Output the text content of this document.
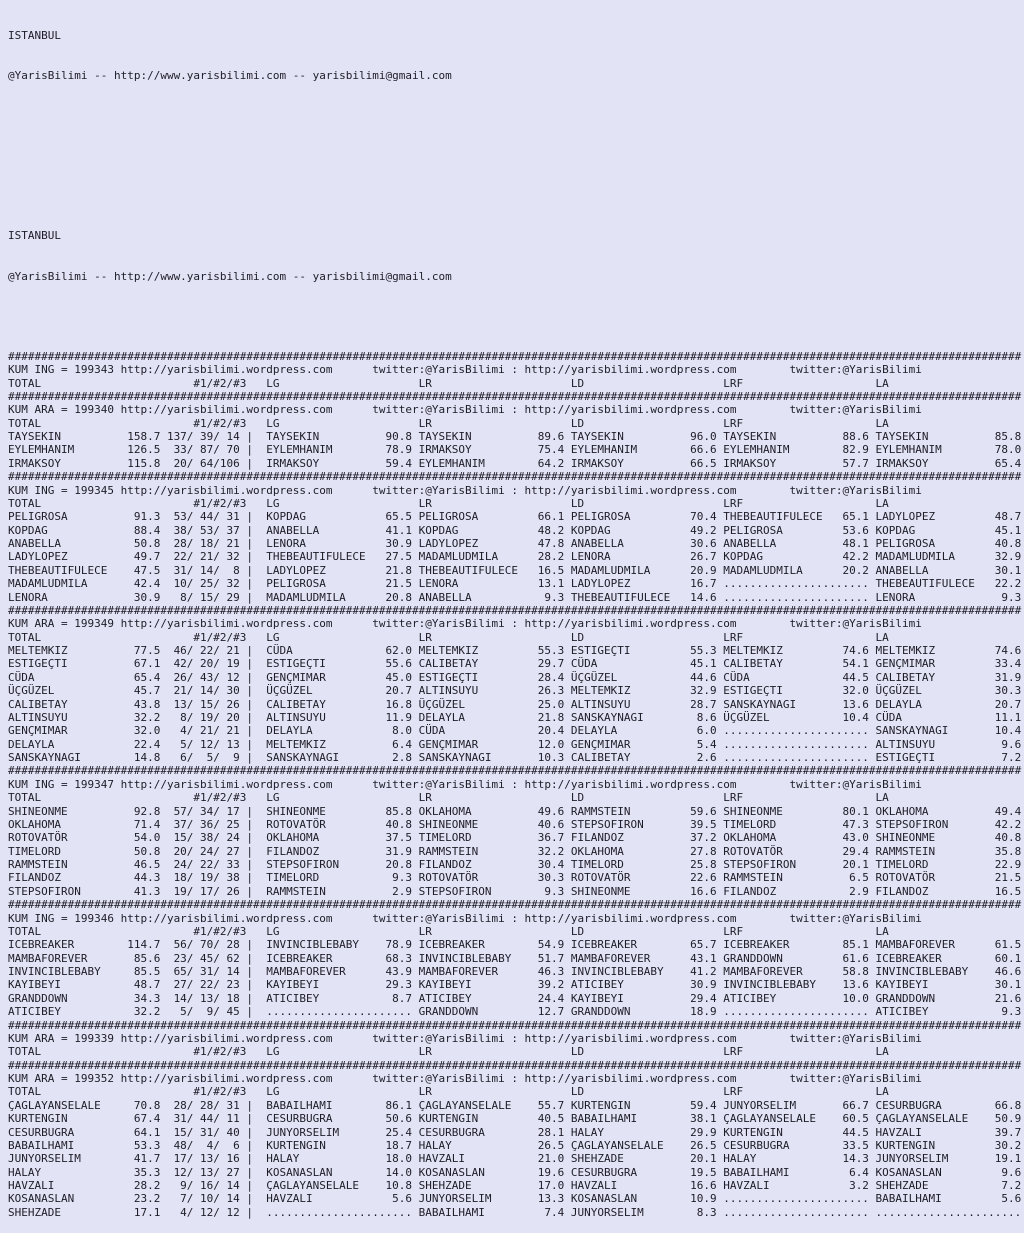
ISTANBUL

@YarisBilimi -- http://www.yarisbilimi.com -- yarisbilimi@gmail.com

ISTANBUL

@YarisBilimi -- http://www.yarisbilimi.com -- yarisbilimi@gmail.com

#########################################################################################################################################################
KUM ING = 199343 http://yarisbilimi.wordpress.com      twitter:@YarisBilimi : http://yarisbilimi.wordpress.com        twitter:@YarisBilimi
TOTAL                       #1/#2/#3   LG                     LR                     LD                     LRF                    LA
#########################################################################################################################################################
KUM ARA = 199340 http://yarisbilimi.wordpress.com      twitter:@YarisBilimi : http://yarisbilimi.wordpress.com        twitter:@YarisBilimi
TOTAL                       #1/#2/#3   LG                     LR                     LD                     LRF                    LA
TAYSEKIN          158.7 137/ 39/ 14 |  TAYSEKIN          90.8 TAYSEKIN          89.6 TAYSEKIN          96.0 TAYSEKIN          88.6 TAYSEKIN          85.8
EYLEMHANIM        126.5  33/ 87/ 70 |  EYLEMHANIM        78.9 IRMAKSOY          75.4 EYLEMHANIM        66.6 EYLEMHANIM        82.9 EYLEMHANIM        78.0
IRMAKSOY          115.8  20/ 64/106 |  IRMAKSOY          59.4 EYLEMHANIM        64.2 IRMAKSOY          66.5 IRMAKSOY          57.7 IRMAKSOY          65.4
#########################################################################################################################################################
KUM ING = 199345 http://yarisbilimi.wordpress.com      twitter:@YarisBilimi : http://yarisbilimi.wordpress.com        twitter:@YarisBilimi
TOTAL                       #1/#2/#3   LG                     LR                     LD                     LRF                    LA
PELIGROSA          91.3  53/ 44/ 31 |  KOPDAG            65.5 PELIGROSA         66.1 PELIGROSA         70.4 THEBEAUTIFULECE   65.1 LADYLOPEZ         48.7
KOPDAG             88.4  38/ 53/ 37 |  ANABELLA          41.1 KOPDAG            48.2 KOPDAG            49.2 PELIGROSA         53.6 KOPDAG            45.1
ANABELLA           50.8  28/ 18/ 21 |  LENORA            30.9 LADYLOPEZ         47.8 ANABELLA          30.6 ANABELLA          48.1 PELIGROSA         40.8
LADYLOPEZ          49.7  22/ 21/ 32 |  THEBEAUTIFULECE   27.5 MADAMLUDMILA      28.2 LENORA            26.7 KOPDAG            42.2 MADAMLUDMILA      32.9
THEBEAUTIFULECE    47.5  31/ 14/  8 |  LADYLOPEZ         21.8 THEBEAUTIFULECE   16.5 MADAMLUDMILA      20.9 MADAMLUDMILA      20.2 ANABELLA          30.1
MADAMLUDMILA       42.4  10/ 25/ 32 |  PELIGROSA         21.5 LENORA            13.1 LADYLOPEZ         16.7 ...................... THEBEAUTIFULECE   22.2
LENORA             30.9   8/ 15/ 29 |  MADAMLUDMILA      20.8 ANABELLA           9.3 THEBEAUTIFULECE   14.6 ...................... LENORA             9.3
#########################################################################################################################################################
KUM ARA = 199349 http://yarisbilimi.wordpress.com      twitter:@YarisBilimi : http://yarisbilimi.wordpress.com        twitter:@YarisBilimi
TOTAL                       #1/#2/#3   LG                     LR                     LD                     LRF                    LA
MELTEMKIZ          77.5  46/ 22/ 21 |  CÜDA              62.0 MELTEMKIZ         55.3 ESTIGEÇTI         55.3 MELTEMKIZ         74.6 MELTEMKIZ         74.6
ESTIGEÇTI          67.1  42/ 20/ 19 |  ESTIGEÇTI         55.6 CALIBETAY         29.7 CÜDA              45.1 CALIBETAY         54.1 GENÇMIMAR         33.4
CÜDA               65.4  26/ 43/ 12 |  GENÇMIMAR         45.0 ESTIGEÇTI         28.4 ÜÇGÜZEL           44.6 CÜDA              44.5 CALIBETAY         31.9
ÜÇGÜZEL            45.7  21/ 14/ 30 |  ÜÇGÜZEL           20.7 ALTINSUYU         26.3 MELTEMKIZ         32.9 ESTIGEÇTI         32.0 ÜÇGÜZEL           30.3
CALIBETAY          43.8  13/ 15/ 26 |  CALIBETAY         16.8 ÜÇGÜZEL           25.0 ALTINSUYU         28.7 SANSKAYNAGI       13.6 DELAYLA           20.7
ALTINSUYU          32.2   8/ 19/ 20 |  ALTINSUYU         11.9 DELAYLA           21.8 SANSKAYNAGI        8.6 ÜÇGÜZEL           10.4 CÜDA              11.1
GENÇMIMAR          32.0   4/ 21/ 21 |  DELAYLA            8.0 CÜDA              20.4 DELAYLA            6.0 ...................... SANSKAYNAGI       10.4
DELAYLA            22.4   5/ 12/ 13 |  MELTEMKIZ          6.4 GENÇMIMAR         12.0 GENÇMIMAR          5.4 ...................... ALTINSUYU          9.6
SANSKAYNAGI        14.8   6/  5/  9 |  SANSKAYNAGI        2.8 SANSKAYNAGI       10.3 CALIBETAY          2.6 ...................... ESTIGEÇTI          7.2
#########################################################################################################################################################
KUM ING = 199347 http://yarisbilimi.wordpress.com      twitter:@YarisBilimi : http://yarisbilimi.wordpress.com        twitter:@YarisBilimi
TOTAL                       #1/#2/#3   LG                     LR                     LD                     LRF                    LA
SHINEONME          92.8  57/ 34/ 17 |  SHINEONME         85.8 OKLAHOMA          49.6 RAMMSTEIN         59.6 SHINEONME         80.1 OKLAHOMA          49.4
OKLAHOMA           71.4  37/ 36/ 25 |  ROTOVATÖR         40.8 SHINEONME         40.6 STEPSOFIRON       39.5 TIMELORD          47.3 STEPSOFIRON       42.2
ROTOVATÖR          54.0  15/ 38/ 24 |  OKLAHOMA          37.5 TIMELORD          36.7 FILANDOZ          37.2 OKLAHOMA          43.0 SHINEONME         40.8
TIMELORD           50.8  20/ 24/ 27 |  FILANDOZ          31.9 RAMMSTEIN         32.2 OKLAHOMA          27.8 ROTOVATÖR         29.4 RAMMSTEIN         35.8
RAMMSTEIN          46.5  24/ 22/ 33 |  STEPSOFIRON       20.8 FILANDOZ          30.4 TIMELORD          25.8 STEPSOFIRON       20.1 TIMELORD          22.9
FILANDOZ           44.3  18/ 19/ 38 |  TIMELORD           9.3 ROTOVATÖR         30.3 ROTOVATÖR         22.6 RAMMSTEIN          6.5 ROTOVATÖR         21.5
STEPSOFIRON        41.3  19/ 17/ 26 |  RAMMSTEIN          2.9 STEPSOFIRON        9.3 SHINEONME         16.6 FILANDOZ           2.9 FILANDOZ          16.5
#########################################################################################################################################################
KUM ING = 199346 http://yarisbilimi.wordpress.com      twitter:@YarisBilimi : http://yarisbilimi.wordpress.com        twitter:@YarisBilimi
TOTAL                       #1/#2/#3   LG                     LR                     LD                     LRF                    LA
ICEBREAKER        114.7  56/ 70/ 28 |  INVINCIBLEBABY    78.9 ICEBREAKER        54.9 ICEBREAKER        65.7 ICEBREAKER        85.1 MAMBAFOREVER      61.5
MAMBAFOREVER       85.6  23/ 45/ 62 |  ICEBREAKER        68.3 INVINCIBLEBABY    51.7 MAMBAFOREVER      43.1 GRANDDOWN         61.6 ICEBREAKER        60.1
INVINCIBLEBABY     85.5  65/ 31/ 14 |  MAMBAFOREVER      43.9 MAMBAFOREVER      46.3 INVINCIBLEBABY    41.2 MAMBAFOREVER      58.8 INVINCIBLEBABY    46.6
KAYIBEYI           48.7  27/ 22/ 23 |  KAYIBEYI          29.3 KAYIBEYI          39.2 ATICIBEY          30.9 INVINCIBLEBABY    13.6 KAYIBEYI          30.1
GRANDDOWN          34.3  14/ 13/ 18 |  ATICIBEY           8.7 ATICIBEY          24.4 KAYIBEYI          29.4 ATICIBEY          10.0 GRANDDOWN         21.6
ATICIBEY           32.2   5/  9/ 45 |  ...................... GRANDDOWN         12.7 GRANDDOWN         18.9 ...................... ATICIBEY           9.3
#########################################################################################################################################################
KUM ARA = 199339 http://yarisbilimi.wordpress.com      twitter:@YarisBilimi : http://yarisbilimi.wordpress.com        twitter:@YarisBilimi
TOTAL                       #1/#2/#3   LG                     LR                     LD                     LRF                    LA
#########################################################################################################################################################
KUM ARA = 199352 http://yarisbilimi.wordpress.com      twitter:@YarisBilimi : http://yarisbilimi.wordpress.com        twitter:@YarisBilimi
TOTAL                       #1/#2/#3   LG                     LR                     LD                     LRF                    LA
ÇAGLAYANSELALE     70.8  28/ 28/ 31 |  BABAILHAMI        86.1 ÇAGLAYANSELALE    55.7 KURTENGIN         59.4 JUNYORSELIM       66.7 CESURBUGRA        66.8
KURTENGIN          67.4  31/ 44/ 11 |  CESURBUGRA        50.6 KURTENGIN         40.5 BABAILHAMI        38.1 ÇAGLAYANSELALE    60.5 ÇAGLAYANSELALE    50.9
CESURBUGRA         64.1  15/ 31/ 40 |  JUNYORSELIM       25.4 CESURBUGRA        28.1 HALAY             29.9 KURTENGIN         44.5 HAVZALI           39.7
BABAILHAMI         53.3  48/  4/  6 |  KURTENGIN         18.7 HALAY             26.5 ÇAGLAYANSELALE    26.5 CESURBUGRA        33.5 KURTENGIN         30.2
JUNYORSELIM        41.7  17/ 13/ 16 |  HALAY             18.0 HAVZALI           21.0 SHEHZADE          20.1 HALAY             14.3 JUNYORSELIM       19.1
HALAY              35.3  12/ 13/ 27 |  KOSANASLAN        14.0 KOSANASLAN        19.6 CESURBUGRA        19.5 BABAILHAMI         6.4 KOSANASLAN         9.6
HAVZALI            28.2   9/ 16/ 14 |  ÇAGLAYANSELALE    10.8 SHEHZADE          17.0 HAVZALI           16.6 HAVZALI            3.2 SHEHZADE           7.2
KOSANASLAN         23.2   7/ 10/ 14 |  HAVZALI            5.6 JUNYORSELIM       13.3 KOSANASLAN        10.9 ...................... BABAILHAMI         5.6
SHEHZADE           17.1   4/ 12/ 12 |  ...................... BABAILHAMI         7.4 JUNYORSELIM        8.3 ...................... ......................
